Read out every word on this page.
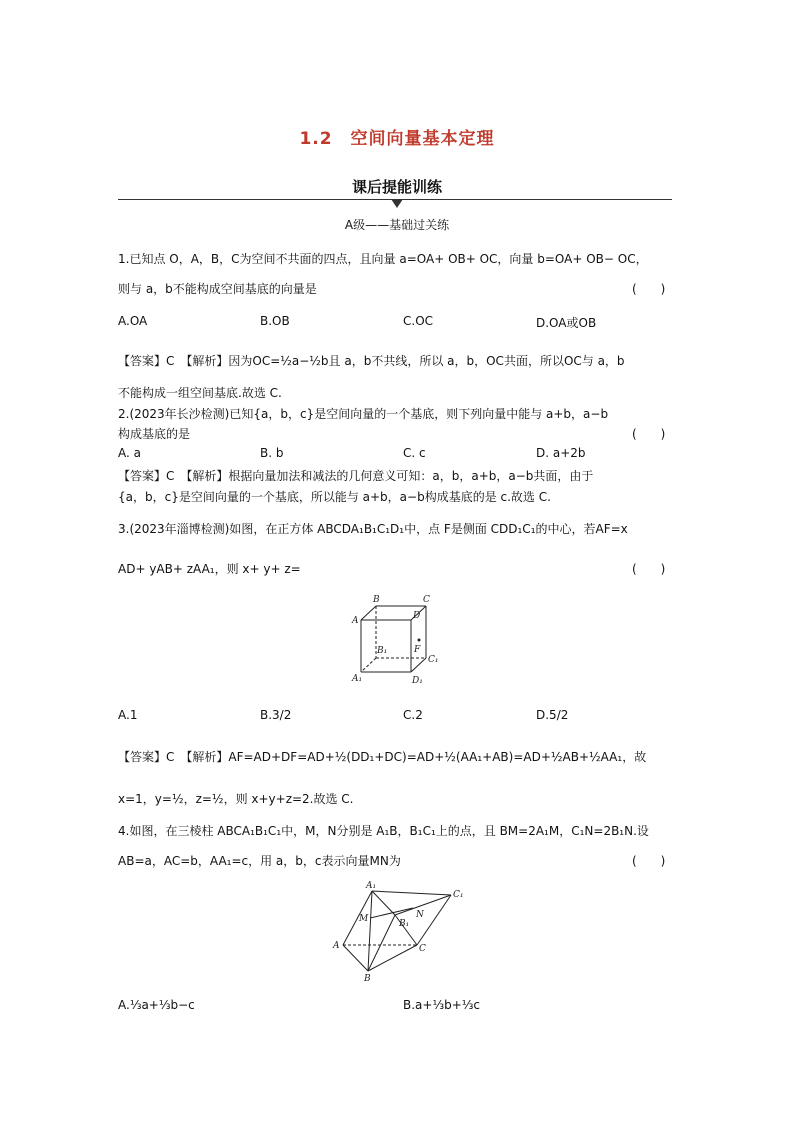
1.2　空间向量基本定理
课后提能训练
A级——基础过关练
1.已知点 O，A，B，C为空间不共面的四点，且向量 a=OA+ OB+ OC，向量 b=OA+ OB− OC，
则与 a，b不能构成空间基底的向量是	(　　)
A.OA	B.OB	C.OC	D.OA或OB
【答案】C　【解析】因为OC=½a−½b且 a，b不共线，所以 a，b，OC共面，所以OC与 a，b
不能构成一组空间基底.故选 C.
2.(2023年长沙检测)已知{a，b，c}是空间向量的一个基底，则下列向量中能与 a+b，a−b
构成基底的是	(　　)
A. a	B. b	C. c	D. a+2b
【答案】C　【解析】根据向量加法和减法的几何意义可知：a，b，a+b，a−b共面，由于
{a，b，c}是空间向量的一个基底，所以能与 a+b，a−b构成基底的是 c.故选 C.
3.(2023年淄博检测)如图，在正方体 ABCDA₁B₁C₁D₁中，点 F是侧面 CDD₁C₁的中心，若AF=x
AD+ yAB+ zAA₁，则 x+ y+ z=	(　　)
B	C
A	D
B₁	F
C₁
A₁	D₁
A.1	B.3/2	C.2	D.5/2
【答案】C　【解析】AF=AD+DF=AD+½(DD₁+DC)=AD+½(AA₁+AB)=AD+½AB+½AA₁，故
x=1，y=½，z=½，则 x+y+z=2.故选 C.
4.如图，在三棱柱 ABCA₁B₁C₁中，M，N分别是 A₁B，B₁C₁上的点，且 BM=2A₁M，C₁N=2B₁N.设
AB=a，AC=b，AA₁=c，用 a，b，c表示向量MN为	(　　)
A₁
C₁
M	N
B₁
A	C
B
A.⅓a+⅓b−c	B.a+⅓b+⅓c
